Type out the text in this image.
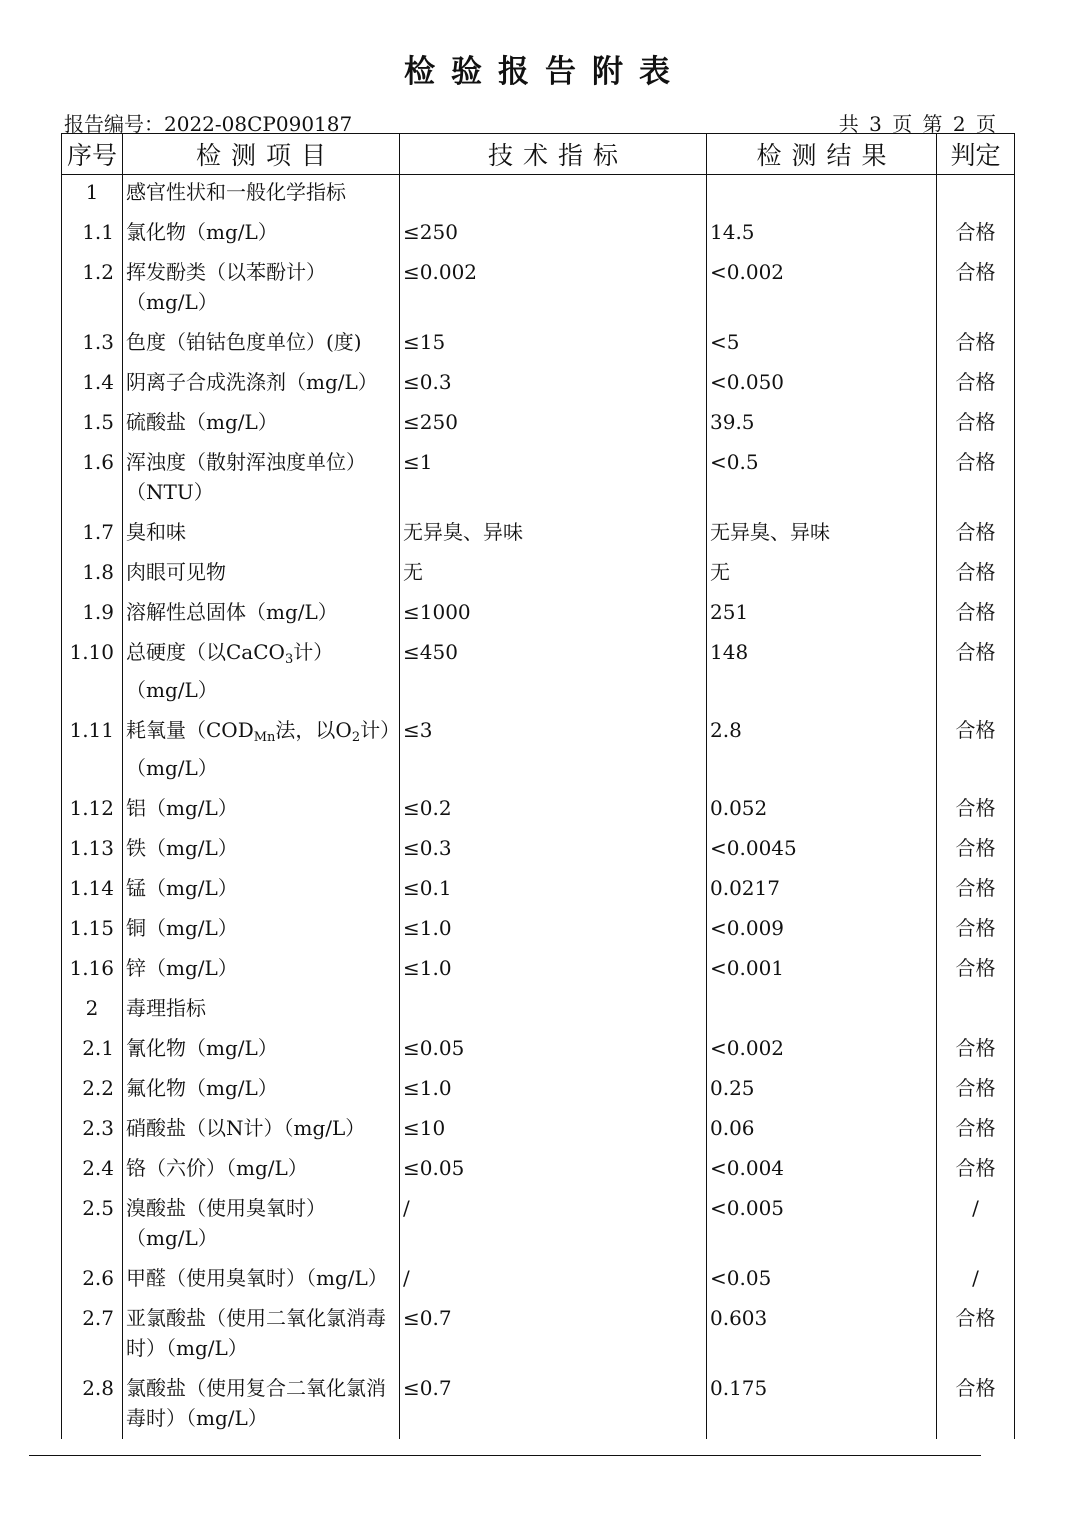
检验报告附表
报告编号：2022-08CP090187	共 3 页 第 2 页
序号	检测项目	技术指标	检测结果	判定
1	感官性状和一般化学指标			
1.1	氯化物（mg/L）	≤250	14.5	合格
1.2	挥发酚类（以苯酚计）（mg/L）	≤0.002	<0.002	合格
1.3	色度（铂钴色度单位）(度)	≤15	<5	合格
1.4	阴离子合成洗涤剂（mg/L）	≤0.3	<0.050	合格
1.5	硫酸盐（mg/L）	≤250	39.5	合格
1.6	浑浊度（散射浑浊度单位）（NTU）	≤1	<0.5	合格
1.7	臭和味	无异臭、异味	无异臭、异味	合格
1.8	肉眼可见物	无	无	合格
1.9	溶解性总固体（mg/L）	≤1000	251	合格
1.10	总硬度（以CaCO$_3$计）（mg/L）	≤450	148	合格
1.11	耗氧量（$COD_{Mn}$法，以$O_2$计）（mg/L）	≤3	2.8	合格
1.12	铝（mg/L）	≤0.2	0.052	合格
1.13	铁（mg/L）	≤0.3	<0.0045	合格
1.14	锰（mg/L）	≤0.1	0.0217	合格
1.15	铜（mg/L）	≤1.0	<0.009	合格
1.16	锌（mg/L）	≤1.0	<0.001	合格
2	毒理指标			
2.1	氰化物（mg/L）	≤0.05	<0.002	合格
2.2	氟化物（mg/L）	≤1.0	0.25	合格
2.3	硝酸盐（以N计）（mg/L）	≤10	0.06	合格
2.4	铬（六价）（mg/L）	≤0.05	<0.004	合格
2.5	溴酸盐（使用臭氧时）（mg/L）	/	<0.005	/
2.6	甲醛（使用臭氧时）（mg/L）	/	<0.05	/
2.7	亚氯酸盐（使用二氧化氯消毒时）（mg/L）	≤0.7	0.603	合格
2.8	氯酸盐（使用复合二氧化氯消毒时）（mg/L）	≤0.7	0.175	合格
